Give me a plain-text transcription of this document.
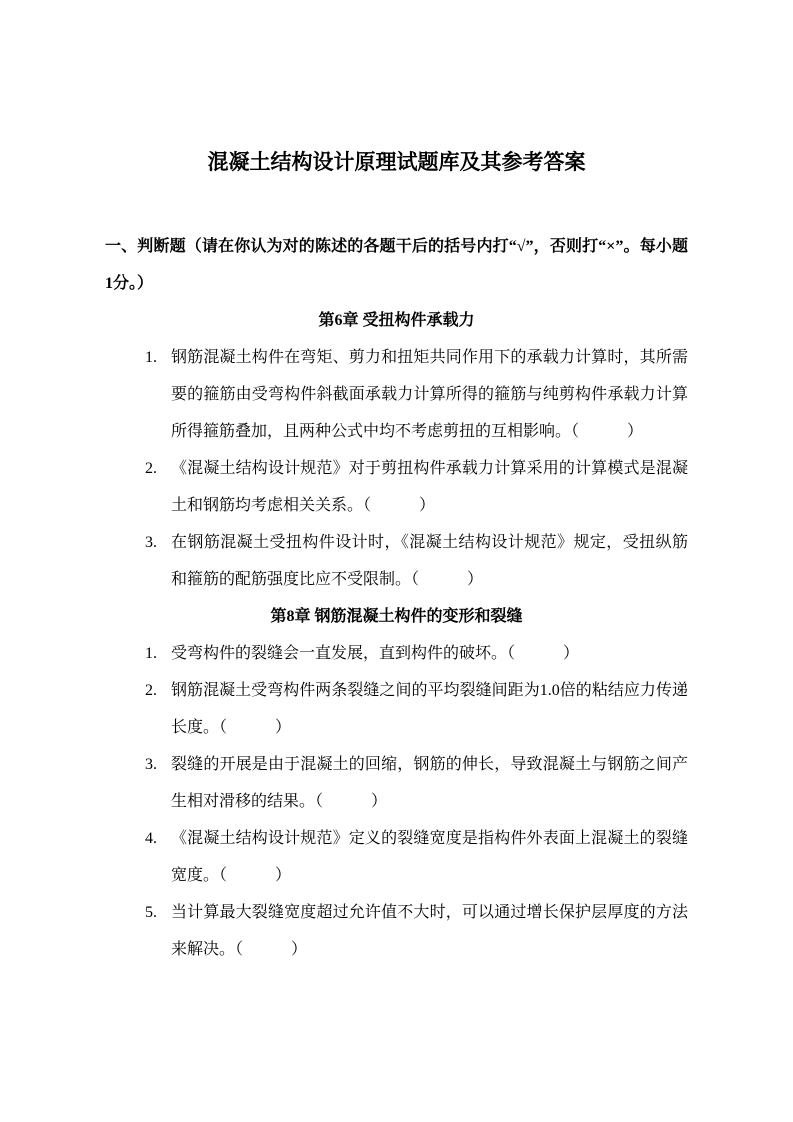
混凝土结构设计原理试题库及其参考答案

一、判断题（请在你认为对的陈述的各题干后的括号内打“√”，否则打“×”。每小题1分。）

第6章 受扭构件承载力
1. 钢筋混凝土构件在弯矩、剪力和扭矩共同作用下的承载力计算时，其所需要的箍筋由受弯构件斜截面承载力计算所得的箍筋与纯剪构件承载力计算所得箍筋叠加，且两种公式中均不考虑剪扭的互相影响。（　　　）
2. 《混凝土结构设计规范》对于剪扭构件承载力计算采用的计算模式是混凝土和钢筋均考虑相关关系。（　　　）
3. 在钢筋混凝土受扭构件设计时，《混凝土结构设计规范》规定，受扭纵筋和箍筋的配筋强度比应不受限制。（　　　）
第8章 钢筋混凝土构件的变形和裂缝
1. 受弯构件的裂缝会一直发展，直到构件的破坏。（　　　）
2. 钢筋混凝土受弯构件两条裂缝之间的平均裂缝间距为1.0倍的粘结应力传递长度。（　　　）
3. 裂缝的开展是由于混凝土的回缩，钢筋的伸长，导致混凝土与钢筋之间产生相对滑移的结果。（　　　）
4. 《混凝土结构设计规范》定义的裂缝宽度是指构件外表面上混凝土的裂缝宽度。（　　　）
5. 当计算最大裂缝宽度超过允许值不大时，可以通过增长保护层厚度的方法来解决。（　　　）
